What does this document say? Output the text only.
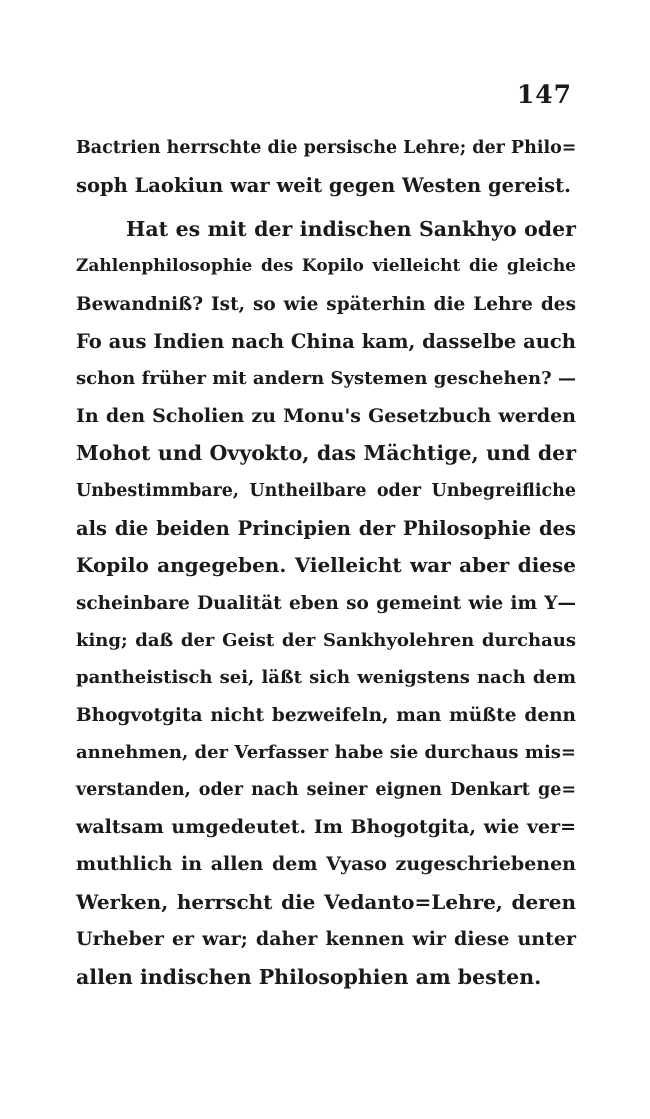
147
Bactrien herrschte die persische Lehre; der Philo=
soph Laokiun war weit gegen Westen gereist.
Hat es mit der indischen Sankhyo oder
Zahlenphilosophie des Kopilo vielleicht die gleiche
Bewandniß? Ist, so wie späterhin die Lehre des
Fo aus Indien nach China kam, dasselbe auch
schon früher mit andern Systemen geschehen? —
In den Scholien zu Monu's Gesetzbuch werden
Mohot und Ovyokto, das Mächtige, und der
Unbestimmbare, Untheilbare oder Unbegreifliche
als die beiden Principien der Philosophie des
Kopilo angegeben. Vielleicht war aber diese
scheinbare Dualität eben so gemeint wie im Y—
king; daß der Geist der Sankhyolehren durchaus
pantheistisch sei, läßt sich wenigstens nach dem
Bhogvotgita nicht bezweifeln, man müßte denn
annehmen, der Verfasser habe sie durchaus mis=
verstanden, oder nach seiner eignen Denkart ge=
waltsam umgedeutet. Im Bhogotgita, wie ver=
muthlich in allen dem Vyaso zugeschriebenen
Werken, herrscht die Vedanto=Lehre, deren
Urheber er war; daher kennen wir diese unter
allen indischen Philosophien am besten.
